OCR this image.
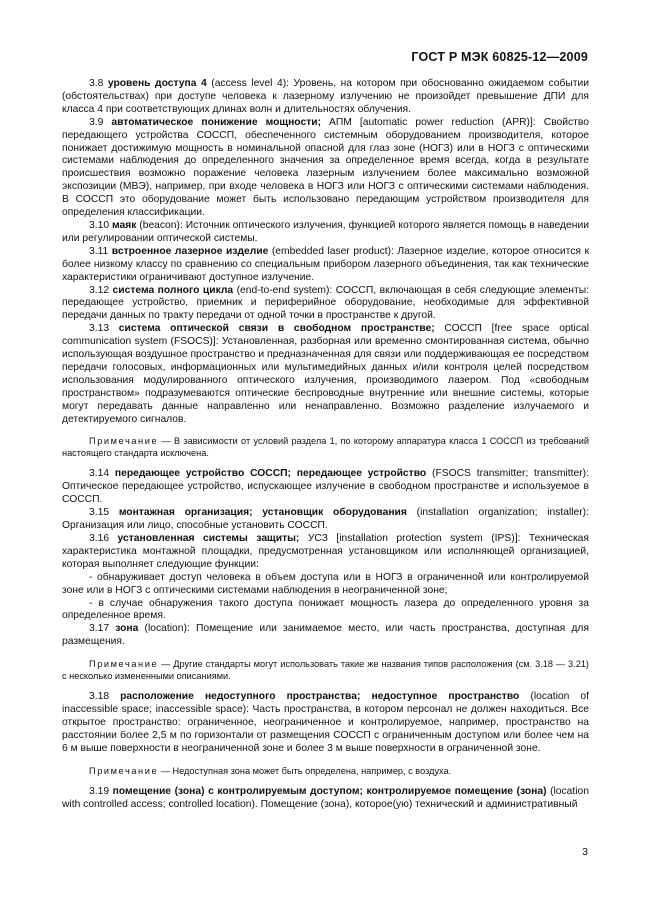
ГОСТ Р МЭК 60825-12—2009

3.8 уровень доступа 4 (access level 4): Уровень, на котором при обоснованно ожидаемом событии (обстоятельствах) при доступе человека к лазерному излучению не произойдет превышение ДПИ для класса 4 при соответствующих длинах волн и длительностях облучения.

3.9 автоматическое понижение мощности; АПМ [automatic power reduction (APR)]: Свойство передающего устройства СОССП, обеспеченного системным оборудованием производителя, которое понижает достижимую мощность в номинальной опасной для глаз зоне (НОГЗ) или в НОГЗ с оптическими системами наблюдения до определенного значения за определенное время всегда, когда в результате происшествия возможно поражение человека лазерным излучением более максимально возможной экспозиции (МВЭ), например, при входе человека в НОГЗ или НОГЗ с оптическими системами наблюдения. В СОССП это оборудование может быть использовано передающим устройством производителя для определения классификации.

3.10 маяк (beacon): Источник оптического излучения, функцией которого является помощь в наведении или регулировании оптической системы.

3.11 встроенное лазерное изделие (embedded laser product): Лазерное изделие, которое относится к более низкому классу по сравнению со специальным прибором лазерного объединения, так как технические характеристики ограничивают доступное излучение.

3.12 система полного цикла (end-to-end system): СОССП, включающая в себя следующие элементы: передающее устройство, приемник и периферийное оборудование, необходимые для эффективной передачи данных по тракту передачи от одной точки в пространстве к другой.

3.13 система оптической связи в свободном пространстве; СОССП [free space optical communication system (FSOCS)]: Установленная, разборная или временно смонтированная система, обычно использующая воздушное пространство и предназначенная для связи или поддерживающая ее посредством передачи голосовых, информационных или мультимедийных данных и/или контроля целей посредством использования модулированного оптического излучения, производимого лазером. Под «свободным пространством» подразумеваются оптические беспроводные внутренние или внешние системы, которые могут передавать данные направленно или ненаправленно. Возможно разделение излучаемого и детектируемого сигналов.

Примечание — В зависимости от условий раздела 1, по которому аппаратура класса 1 СОССП из требований настоящего стандарта исключена.

3.14 передающее устройство СОССП; передающее устройство (FSOCS transmitter; transmitter): Оптическое передающее устройство, испускающее излучение в свободном пространстве и используемое в СОССП.

3.15 монтажная организация; установщик оборудования (installation organization; installer): Организация или лицо, способные установить СОССП.

3.16 установленная системы защиты; УСЗ [installation protection system (IPS)]: Техническая характеристика монтажной площадки, предусмотренная установщиком или исполняющей организацией, которая выполняет следующие функции:

- обнаруживает доступ человека в объем доступа или в НОГЗ в ограниченной или контролируемой зоне или в НОГЗ с оптическими системами наблюдения в неограниченной зоне;

- в случае обнаружения такого доступа понижает мощность лазера до определенного уровня за определенное время.

3.17 зона (location): Помещение или занимаемое место, или часть пространства, доступная для размещения.

Примечание — Другие стандарты могут использовать такие же названия типов расположения (см. 3.18 — 3.21) с несколько измененными описаниями.

3.18 расположение недоступного пространства; недоступное пространство (location of inaccessible space; inaccessible space): Часть пространства, в котором персонал не должен находиться. Все открытое пространство: ограниченное, неограниченное и контролируемое, например, пространство на расстоянии более 2,5 м по горизонтали от размещения СОССП с ограниченным доступом или более чем на 6 м выше поверхности в неограниченной зоне и более 3 м выше поверхности в ограниченной зоне.

Примечание — Недоступная зона может быть определена, например, с воздуха.

3.19 помещение (зона) с контролируемым доступом; контролируемое помещение (зона) (location with controlled access; controlled location). Помещение (зона), которое(ую) технический и административный

3
